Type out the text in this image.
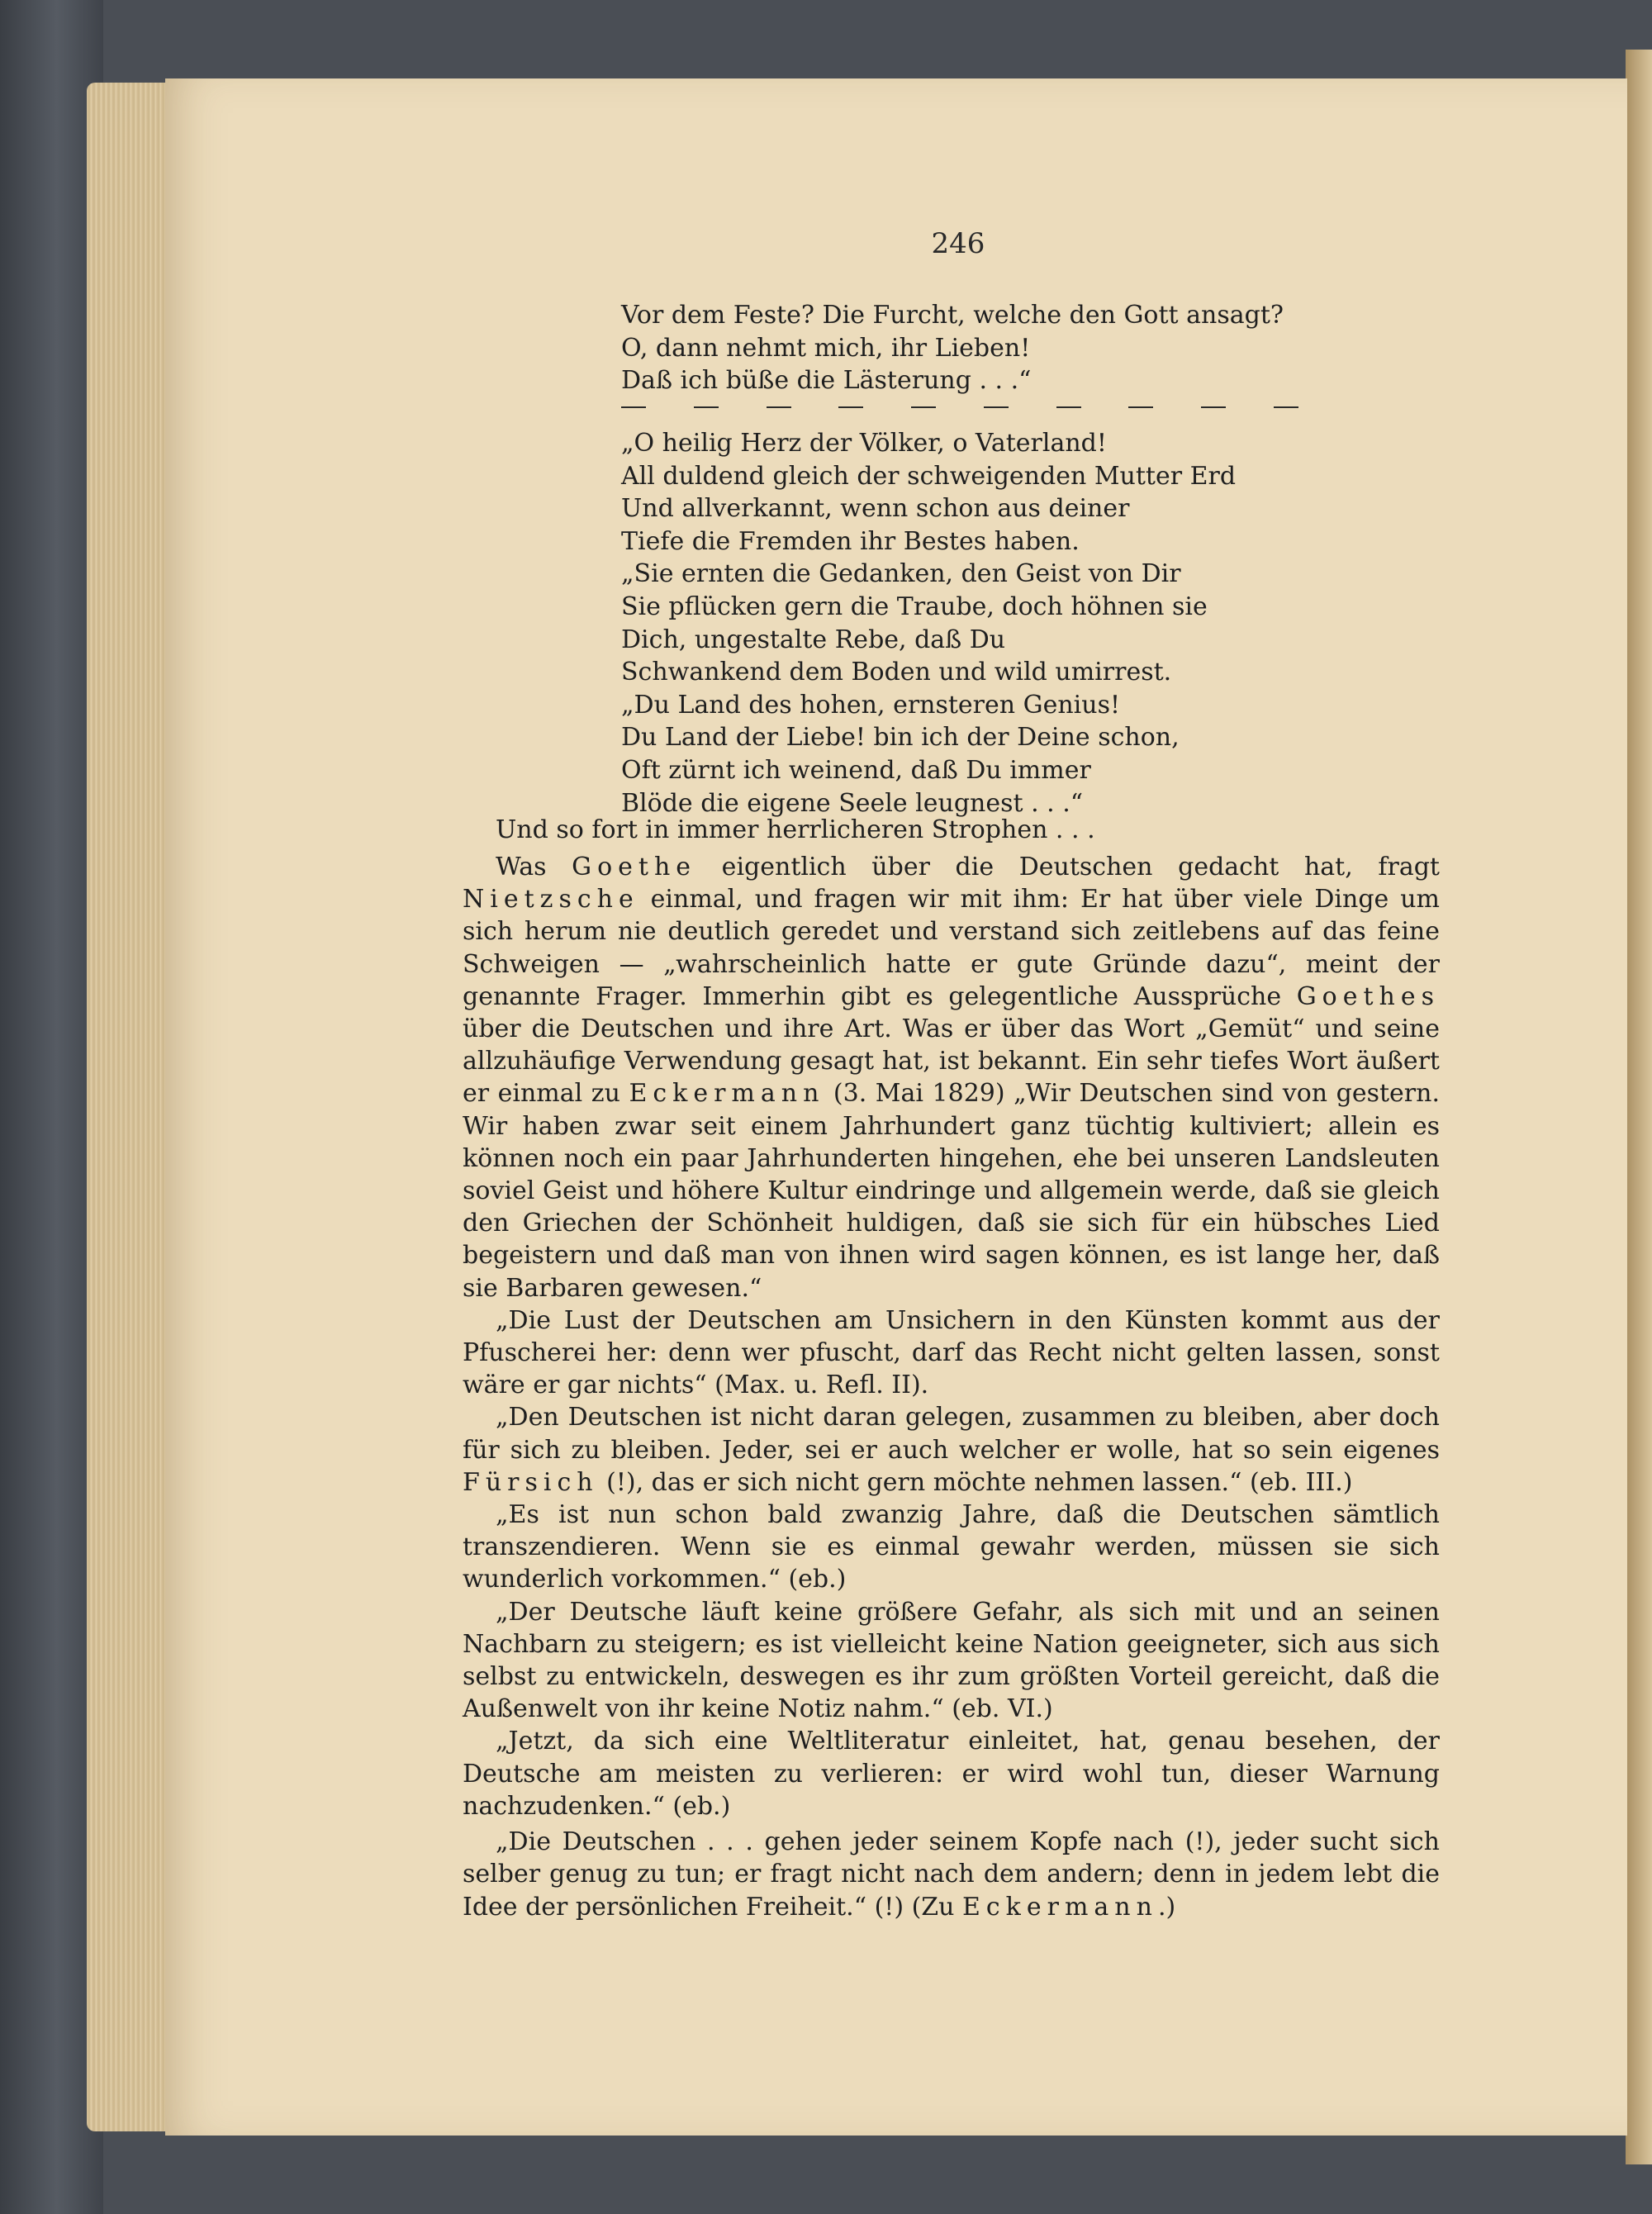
246

Vor dem Feste? Die Furcht, welche den Gott ansagt?
O, dann nehmt mich, ihr Lieben!
Daß ich büße die Lästerung . . .“
„O heilig Herz der Völker, o Vaterland!
All duldend gleich der schweigenden Mutter Erd
Und allverkannt, wenn schon aus deiner
Tiefe die Fremden ihr Bestes haben.
„Sie ernten die Gedanken, den Geist von Dir
Sie pflücken gern die Traube, doch höhnen sie
Dich, ungestalte Rebe, daß Du
Schwankend dem Boden und wild umirrest.
„Du Land des hohen, ernsteren Genius!
Du Land der Liebe! bin ich der Deine schon,
Oft zürnt ich weinend, daß Du immer
Blöde die eigene Seele leugnest . . .“
Und so fort in immer herrlicheren Strophen . . .

Was Goethe eigentlich über die Deutschen gedacht hat, fragt Nietzsche einmal, und fragen wir mit ihm: Er hat über viele Dinge um sich herum nie deutlich geredet und verstand sich zeitlebens auf das feine Schweigen — „wahrscheinlich hatte er gute Gründe dazu“, meint der genannte Frager. Immerhin gibt es gelegentliche Aussprüche Goethes über die Deutschen und ihre Art. Was er über das Wort „Gemüt“ und seine allzuhäufige Verwendung gesagt hat, ist bekannt. Ein sehr tiefes Wort äußert er einmal zu Eckermann (3. Mai 1829) „Wir Deutschen sind von gestern. Wir haben zwar seit einem Jahrhundert ganz tüchtig kultiviert; allein es können noch ein paar Jahrhunderten hingehen, ehe bei unseren Landsleuten soviel Geist und höhere Kultur eindringe und allgemein werde, daß sie gleich den Griechen der Schönheit huldigen, daß sie sich für ein hübsches Lied begeistern und daß man von ihnen wird sagen können, es ist lange her, daß sie Barbaren gewesen.“

„Die Lust der Deutschen am Unsichern in den Künsten kommt aus der Pfuscherei her: denn wer pfuscht, darf das Recht nicht gelten lassen, sonst wäre er gar nichts“ (Max. u. Refl. II).

„Den Deutschen ist nicht daran gelegen, zusammen zu bleiben, aber doch für sich zu bleiben. Jeder, sei er auch welcher er wolle, hat so sein eigenes Fürsich (!), das er sich nicht gern möchte nehmen lassen.“ (eb. III.)

„Es ist nun schon bald zwanzig Jahre, daß die Deutschen sämtlich transzendieren. Wenn sie es einmal gewahr werden, müssen sie sich wunderlich vorkommen.“ (eb.)

„Der Deutsche läuft keine größere Gefahr, als sich mit und an seinen Nachbarn zu steigern; es ist vielleicht keine Nation geeigneter, sich aus sich selbst zu entwickeln, deswegen es ihr zum größten Vorteil gereicht, daß die Außenwelt von ihr keine Notiz nahm.“ (eb. VI.)

„Jetzt, da sich eine Weltliteratur einleitet, hat, genau besehen, der Deutsche am meisten zu verlieren: er wird wohl tun, dieser Warnung nachzudenken.“ (eb.)

„Die Deutschen . . . gehen jeder seinem Kopfe nach (!), jeder sucht sich selber genug zu tun; er fragt nicht nach dem andern; denn in jedem lebt die Idee der persönlichen Freiheit.“ (!) (Zu Eckermann.)
